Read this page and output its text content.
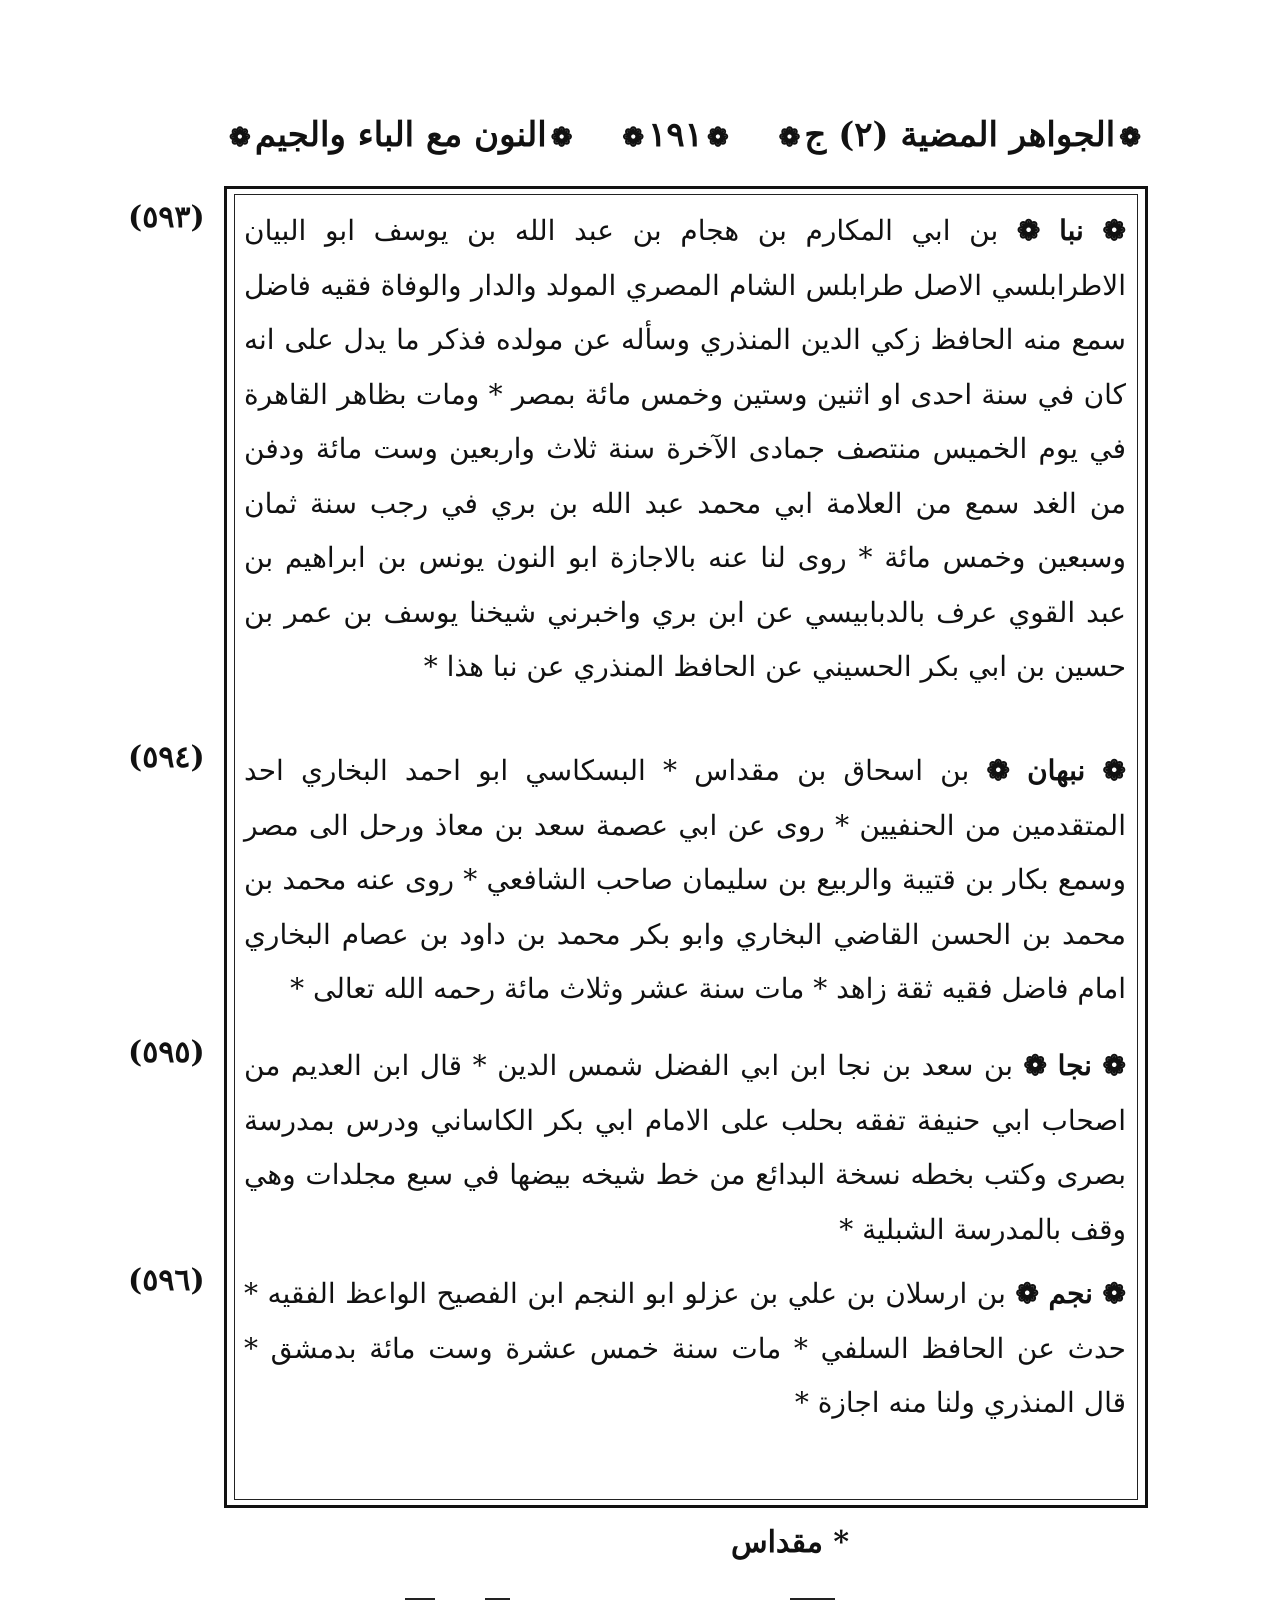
❁الجواهر المضية (٢) ج❁
❁١٩١❁
❁النون مع الباء والجيم❁
(٥٩٣)
(٥٩٤)
(٥٩٥)
(٥٩٦)

❁ نبا ❁ بن ابي المكارم بن هجام بن عبد الله بن يوسف ابو البيان الاطرابلسي الاصل طرابلس الشام المصري المولد والدار والوفاة فقيه فاضل سمع منه الحافظ زكي الدين المنذري وسأله عن مولده فذكر ما يدل على انه كان في سنة احدى او اثنين وستين وخمس مائة بمصر * ومات بظاهر القاهرة في يوم الخميس منتصف جمادى الآخرة سنة ثلاث واربعين وست مائة ودفن من الغد سمع من العلامة ابي محمد عبد الله بن بري في رجب سنة ثمان وسبعين وخمس مائة * روى لنا عنه بالاجازة ابو النون يونس بن ابراهيم بن عبد القوي عرف بالدبابيسي عن ابن بري واخبرني شيخنا يوسف بن عمر بن حسين بن ابي بكر الحسيني عن الحافظ المنذري عن نبا هذا *

❁ نبهان ❁ بن اسحاق بن مقداس * البسكاسي ابو احمد البخاري احد المتقدمين من الحنفيين * روى عن ابي عصمة سعد بن معاذ ورحل الى مصر وسمع بكار بن قتيبة والربيع بن سليمان صاحب الشافعي * روى عنه محمد بن محمد بن الحسن القاضي البخاري وابو بكر محمد بن داود بن عصام البخاري امام فاضل فقيه ثقة زاهد * مات سنة عشر وثلاث مائة رحمه الله تعالى *

❁ نجا ❁ بن سعد بن نجا ابن ابي الفضل شمس الدين * قال ابن العديم من اصحاب ابي حنيفة تفقه بحلب على الامام ابي بكر الكاساني ودرس بمدرسة بصرى وكتب بخطه نسخة البدائع من خط شيخه بيضها في سبع مجلدات وهي وقف بالمدرسة الشبلية *

❁ نجم ❁ بن ارسلان بن علي بن عزلو ابو النجم ابن الفصيح الواعظ الفقيه * حدث عن الحافظ السلفي * مات سنة خمس عشرة وست مائة بدمشق * قال المنذري ولنا منه اجازة *

* مقداس
